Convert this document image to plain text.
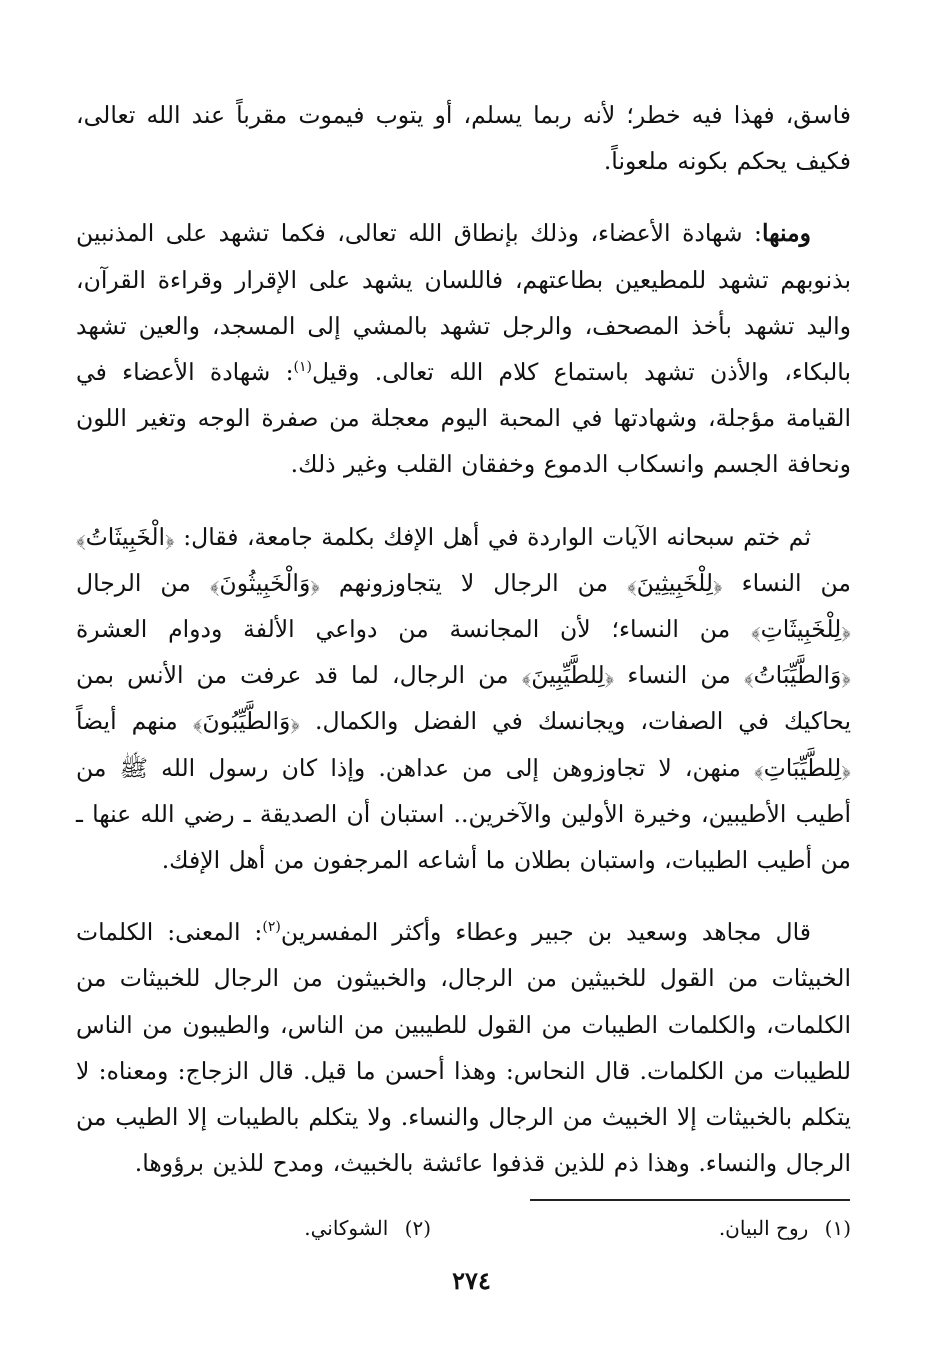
فاسق، فهذا فيه خطر؛ لأنه ربما يسلم، أو يتوب فيموت مقرباً عند الله تعالى، فكيف يحكم بكونه ملعوناً.

ومنها: شهادة الأعضاء، وذلك بإنطاق الله تعالى، فكما تشهد على المذنبين بذنوبهم تشهد للمطيعين بطاعتهم، فاللسان يشهد على الإقرار وقراءة القرآن، واليد تشهد بأخذ المصحف، والرجل تشهد بالمشي إلى المسجد، والعين تشهد بالبكاء، والأذن تشهد باستماع كلام الله تعالى. وقيل$^{(١)}$: شهادة الأعضاء في القيامة مؤجلة، وشهادتها في المحبة اليوم معجلة من صفرة الوجه وتغير اللون ونحافة الجسم وانسكاب الدموع وخفقان القلب وغير ذلك.

ثم ختم سبحانه الآيات الواردة في أهل الإفك بكلمة جامعة، فقال: ﴿الْخَبِيثَاتُ﴾ من النساء ﴿لِلْخَبِيثِينَ﴾ من الرجال لا يتجاوزونهم ﴿وَالْخَبِيثُونَ﴾ من الرجال ﴿لِلْخَبِيثَاتِ﴾ من النساء؛ لأن المجانسة من دواعي الألفة ودوام العشرة ﴿وَالطَّيِّبَاتُ﴾ من النساء ﴿لِلطَّيِّبِينَ﴾ من الرجال، لما قد عرفت من الأنس بمن يحاكيك في الصفات، ويجانسك في الفضل والكمال. ﴿وَالطَّيِّبُونَ﴾ منهم أيضاً ﴿لِلطَّيِّبَاتِ﴾ منهن، لا تجاوزوهن إلى من عداهن. وإذا كان رسول الله ﷺ من أطيب الأطيبين، وخيرة الأولين والآخرين.. استبان أن الصديقة ـ رضي الله عنها ـ من أطيب الطيبات، واستبان بطلان ما أشاعه المرجفون من أهل الإفك.

قال مجاهد وسعيد بن جبير وعطاء وأكثر المفسرين$^{(٢)}$: المعنى: الكلمات الخبيثات من القول للخبيثين من الرجال، والخبيثون من الرجال للخبيثات من الكلمات، والكلمات الطيبات من القول للطيبين من الناس، والطيبون من الناس للطيبات من الكلمات. قال النحاس: وهذا أحسن ما قيل. قال الزجاج: ومعناه: لا يتكلم بالخبيثات إلا الخبيث من الرجال والنساء. ولا يتكلم بالطيبات إلا الطيب من الرجال والنساء. وهذا ذم للذين قذفوا عائشة بالخبيث، ومدح للذين برؤوها.

(١) روح البيان.
(٢) الشوكاني.
٢٧٤
